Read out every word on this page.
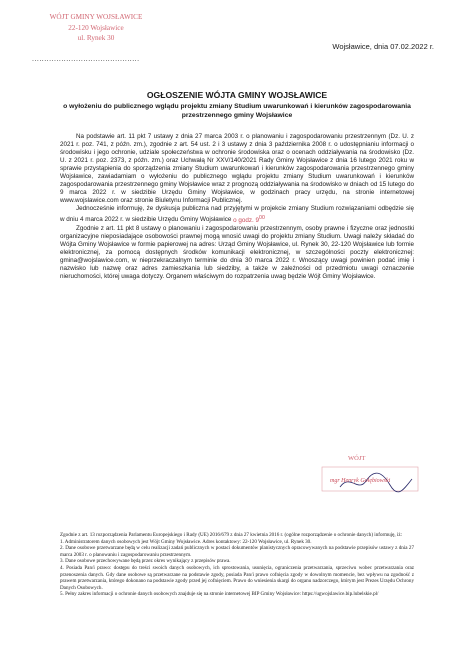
WÓJT GMINY WOJSŁAWICE
22-120 Wojsławice
ul. Rynek 30
............................................
Wojsławice, dnia 07.02.2022 r.
OGŁOSZENIE WÓJTA GMINY WOJSŁAWICE
o wyłożeniu do publicznego wglądu projektu zmiany Studium uwarunkowań i kierunków zagospodarowania przestrzennego gminy Wojsławice

Na podstawie art. 11 pkt 7 ustawy z dnia 27 marca 2003 r. o planowaniu i zagospodarowaniu przestrzennym (Dz. U. z 2021 r. poz. 741, z późn. zm.), zgodnie z art. 54 ust. 2 i 3 ustawy z dnia 3 października 2008 r. o udostępnianiu informacji o środowisku i jego ochronie, udziale społeczeństwa w ochronie środowiska oraz o ocenach oddziaływania na środowisko (Dz. U. z 2021 r. poz. 2373, z późn. zm.) oraz Uchwałą Nr XXV/140/2021 Rady Gminy Wojsławice z dnia 16 lutego 2021 roku w sprawie przystąpienia do sporządzenia zmiany Studium uwarunkowań i kierunków zagospodarowania przestrzennego gminy Wojsławice, zawiadamiam o wyłożeniu do publicznego wglądu projektu zmiany Studium uwarunkowań i kierunków zagospodarowania przestrzennego gminy Wojsławice wraz z prognozą oddziaływania na środowisko w dniach od 15 lutego do 9 marca 2022 r. w siedzibie Urzędu Gminy Wojsławice, w godzinach pracy urzędu, na stronie internetowej www.wojslawice.com oraz stronie Biuletynu Informacji Publicznej.

Jednocześnie informuję, że dyskusja publiczna nad przyjętymi w projekcie zmiany Studium rozwiązaniami odbędzie się w dniu 4 marca 2022 r. w siedzibie Urzędu Gminy Wojsławice o godz. $9^{00}$

Zgodnie z art. 11 pkt 8 ustawy o planowaniu i zagospodarowaniu przestrzennym, osoby prawne i fizyczne oraz jednostki organizacyjne nieposiadające osobowości prawnej mogą wnosić uwagi do projektu zmiany Studium. Uwagi należy składać do Wójta Gminy Wojsławice w formie papierowej na adres: Urząd Gminy Wojsławice, ul. Rynek 30, 22-120 Wojsławice lub formie elektronicznej, za pomocą dostępnych środków komunikacji elektronicznej, w szczególności poczty elektronicznej: gmina@wojslawice.com, w nieprzekraczalnym terminie do dnia 30 marca 2022 r. Wnoszący uwagi powinien podać imię i nazwisko lub nazwę oraz adres zamieszkania lub siedziby, a także w zależności od przedmiotu uwagi oznaczenie nieruchomości, której uwaga dotyczy. Organem właściwym do rozpatrzenia uwag będzie Wójt Gminy Wojsławice.

WÓJT
mgr Henryk Gołębiowski

Zgodnie z art. 13 rozporządzenia Parlamentu Europejskiego i Rady (UE) 2016/679 z dnia 27 kwietnia 2016 r. (ogólne rozporządzenie o ochronie danych) informuję, iż:

1. Administratorem danych osobowych jest Wójt Gminy Wojsławice. Adres kontaktowy: 22-120 Wojsławice, ul. Rynek 30.

2. Dane osobowe przetwarzane będą w celu realizacji zadań publicznych w postaci dokumentów planistycznych opracowywanych na podstawie przepisów ustawy z dnia 27 marca 2003 r. o planowaniu i zagospodarowaniu przestrzennym.

3. Dane osobowe przechowywane będą przez okres wynikający z przepisów prawa.

4. Posiada Pan/i prawo: dostępu do treści swoich danych osobowych, ich sprostowania, usunięcia, ograniczenia przetwarzania, sprzeciwu wobec przetwarzania oraz przenoszenia danych. Gdy dane osobowe są przetwarzane na podstawie zgody, posiada Pan/i prawo cofnięcia zgody w dowolnym momencie, bez wpływu na zgodność z prawem przetwarzania, którego dokonano na podstawie zgody przed jej cofnięciem. Prawo do wniesienia skargi do organu nadzorczego, którym jest Prezes Urzędu Ochrony Danych Osobowych.

5. Pełny zakres informacji o ochronie danych osobowych znajduje się na stronie internetowej BIP Gminy Wojsławice: https://ugwojslawice.bip.lubelskie.pl/
